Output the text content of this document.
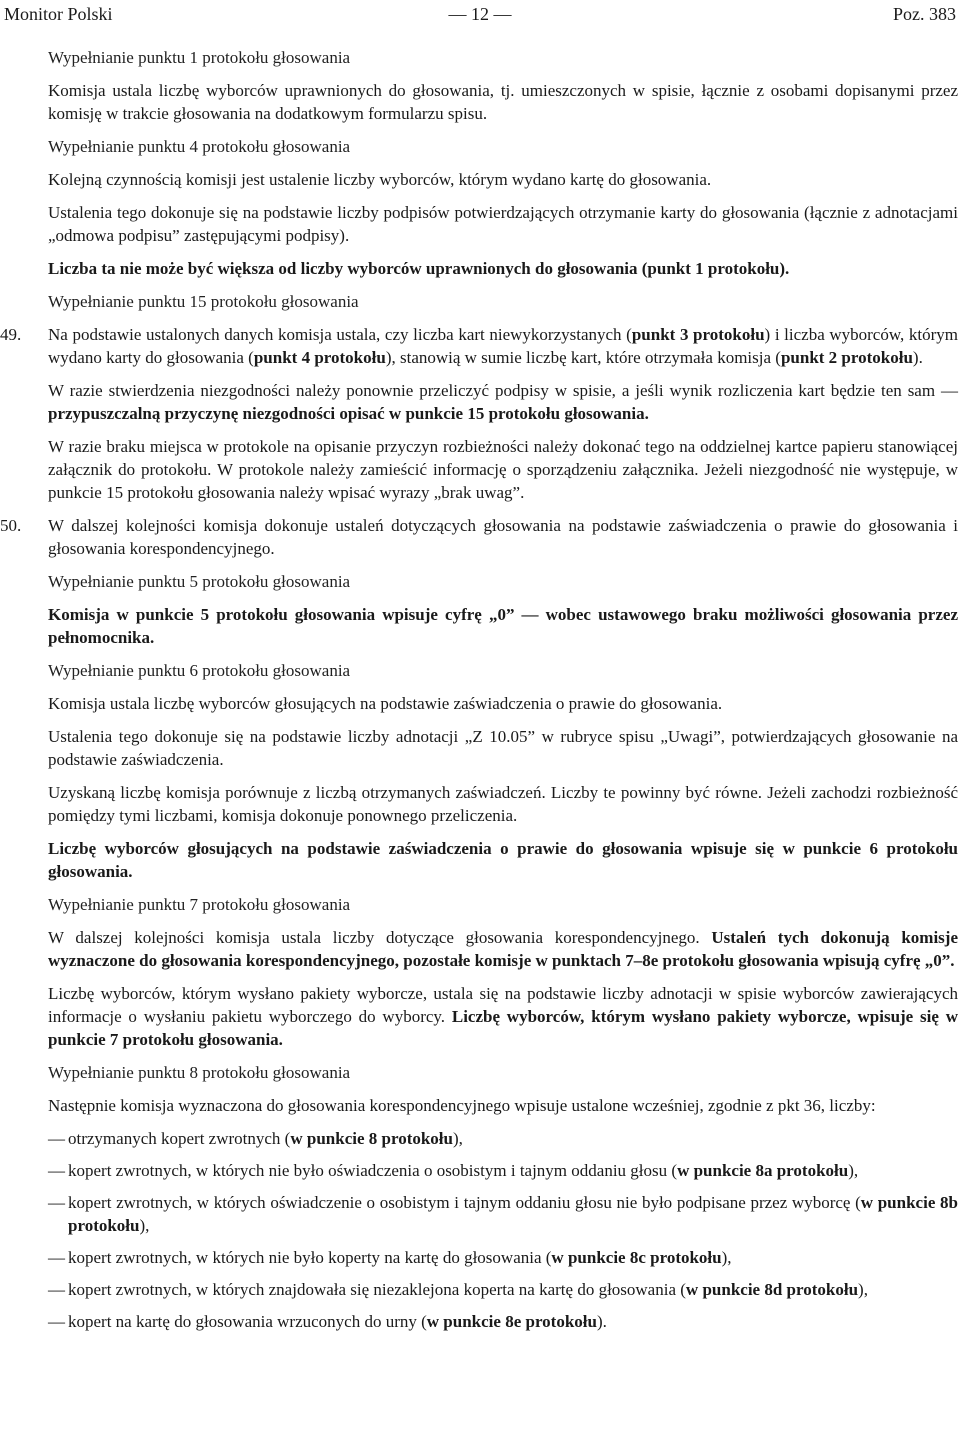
Monitor Polski	— 12 —	Poz. 383
Wypełnianie punktu 1 protokołu głosowania
Komisja ustala liczbę wyborców uprawnionych do głosowania, tj. umieszczonych w spisie, łącznie z osobami dopisanymi przez komisję w trakcie głosowania na dodatkowym formularzu spisu.
Wypełnianie punktu 4 protokołu głosowania
Kolejną czynnością komisji jest ustalenie liczby wyborców, którym wydano kartę do głosowania.
Ustalenia tego dokonuje się na podstawie liczby podpisów potwierdzających otrzymanie karty do głosowania (łącznie z adnotacjami „odmowa podpisu” zastępującymi podpisy).
Liczba ta nie może być większa od liczby wyborców uprawnionych do głosowania (punkt 1 protokołu).
Wypełnianie punktu 15 protokołu głosowania
49. Na podstawie ustalonych danych komisja ustala, czy liczba kart niewykorzystanych (punkt 3 protokołu) i liczba wyborców, którym wydano karty do głosowania (punkt 4 protokołu), stanowią w sumie liczbę kart, które otrzymała komisja (punkt 2 protokołu).
W razie stwierdzenia niezgodności należy ponownie przeliczyć podpisy w spisie, a jeśli wynik rozliczenia kart będzie ten sam — przypuszczalną przyczynę niezgodności opisać w punkcie 15 protokołu głosowania.
W razie braku miejsca w protokole na opisanie przyczyn rozbieżności należy dokonać tego na oddzielnej kartce papieru stanowiącej załącznik do protokołu. W protokole należy zamieścić informację o sporządzeniu załącznika. Jeżeli niezgodność nie występuje, w punkcie 15 protokołu głosowania należy wpisać wyrazy „brak uwag”.
50. W dalszej kolejności komisja dokonuje ustaleń dotyczących głosowania na podstawie zaświadczenia o prawie do głosowania i głosowania korespondencyjnego.
Wypełnianie punktu 5 protokołu głosowania
Komisja w punkcie 5 protokołu głosowania wpisuje cyfrę „0” — wobec ustawowego braku możliwości głosowania przez pełnomocnika.
Wypełnianie punktu 6 protokołu głosowania
Komisja ustala liczbę wyborców głosujących na podstawie zaświadczenia o prawie do głosowania.
Ustalenia tego dokonuje się na podstawie liczby adnotacji „Z 10.05” w rubryce spisu „Uwagi”, potwierdzających głosowanie na podstawie zaświadczenia.
Uzyskaną liczbę komisja porównuje z liczbą otrzymanych zaświadczeń. Liczby te powinny być równe. Jeżeli zachodzi rozbieżność pomiędzy tymi liczbami, komisja dokonuje ponownego przeliczenia.
Liczbę wyborców głosujących na podstawie zaświadczenia o prawie do głosowania wpisuje się w punkcie 6 protokołu głosowania.
Wypełnianie punktu 7 protokołu głosowania
W dalszej kolejności komisja ustala liczby dotyczące głosowania korespondencyjnego. Ustaleń tych dokonują komisje wyznaczone do głosowania korespondencyjnego, pozostałe komisje w punktach 7–8e protokołu głosowania wpisują cyfrę „0”.
Liczbę wyborców, którym wysłano pakiety wyborcze, ustala się na podstawie liczby adnotacji w spisie wyborców zawierających informacje o wysłaniu pakietu wyborczego do wyborcy. Liczbę wyborców, którym wysłano pakiety wyborcze, wpisuje się w punkcie 7 protokołu głosowania.
Wypełnianie punktu 8 protokołu głosowania
Następnie komisja wyznaczona do głosowania korespondencyjnego wpisuje ustalone wcześniej, zgodnie z pkt 36, liczby:
— otrzymanych kopert zwrotnych (w punkcie 8 protokołu),
— kopert zwrotnych, w których nie było oświadczenia o osobistym i tajnym oddaniu głosu (w punkcie 8a protokołu),
— kopert zwrotnych, w których oświadczenie o osobistym i tajnym oddaniu głosu nie było podpisane przez wyborcę (w punkcie 8b protokołu),
— kopert zwrotnych, w których nie było koperty na kartę do głosowania (w punkcie 8c protokołu),
— kopert zwrotnych, w których znajdowała się niezaklejona koperta na kartę do głosowania (w punkcie 8d protokołu),
— kopert na kartę do głosowania wrzuconych do urny (w punkcie 8e protokołu).
